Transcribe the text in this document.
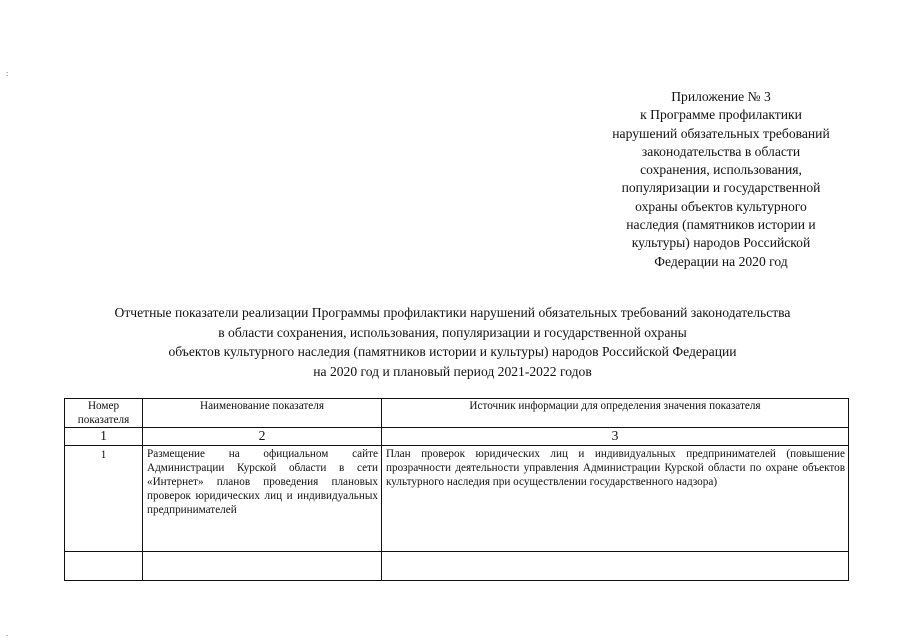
:
.
Приложение № 3
к Программе профилактики
нарушений обязательных требований
законодательства в области
сохранения, использования,
популяризации и государственной
охраны объектов культурного
наследия (памятников истории и
культуры) народов Российской
Федерации на 2020 год
Отчетные показатели реализации Программы профилактики нарушений обязательных требований законодательства
в области сохранения, использования, популяризации и государственной охраны
объектов культурного наследия (памятников истории и культуры) народов Российской Федерации
на 2020 год и плановый период 2021-2022 годов
Номер показателя	Наименование показателя	Источник информации для определения значения показателя
1	2	3
1	Размещение на официальном сайте Администрации Курской области в сети «Интернет» планов проведения плановых проверок юридических лиц и индивидуальных предпринимателей	План проверок юридических лиц и индивидуальных предпринимателей (повышение прозрачности деятельности управления Администрации Курской области по охране объектов культурного наследия при осуществлении государственного надзора)
